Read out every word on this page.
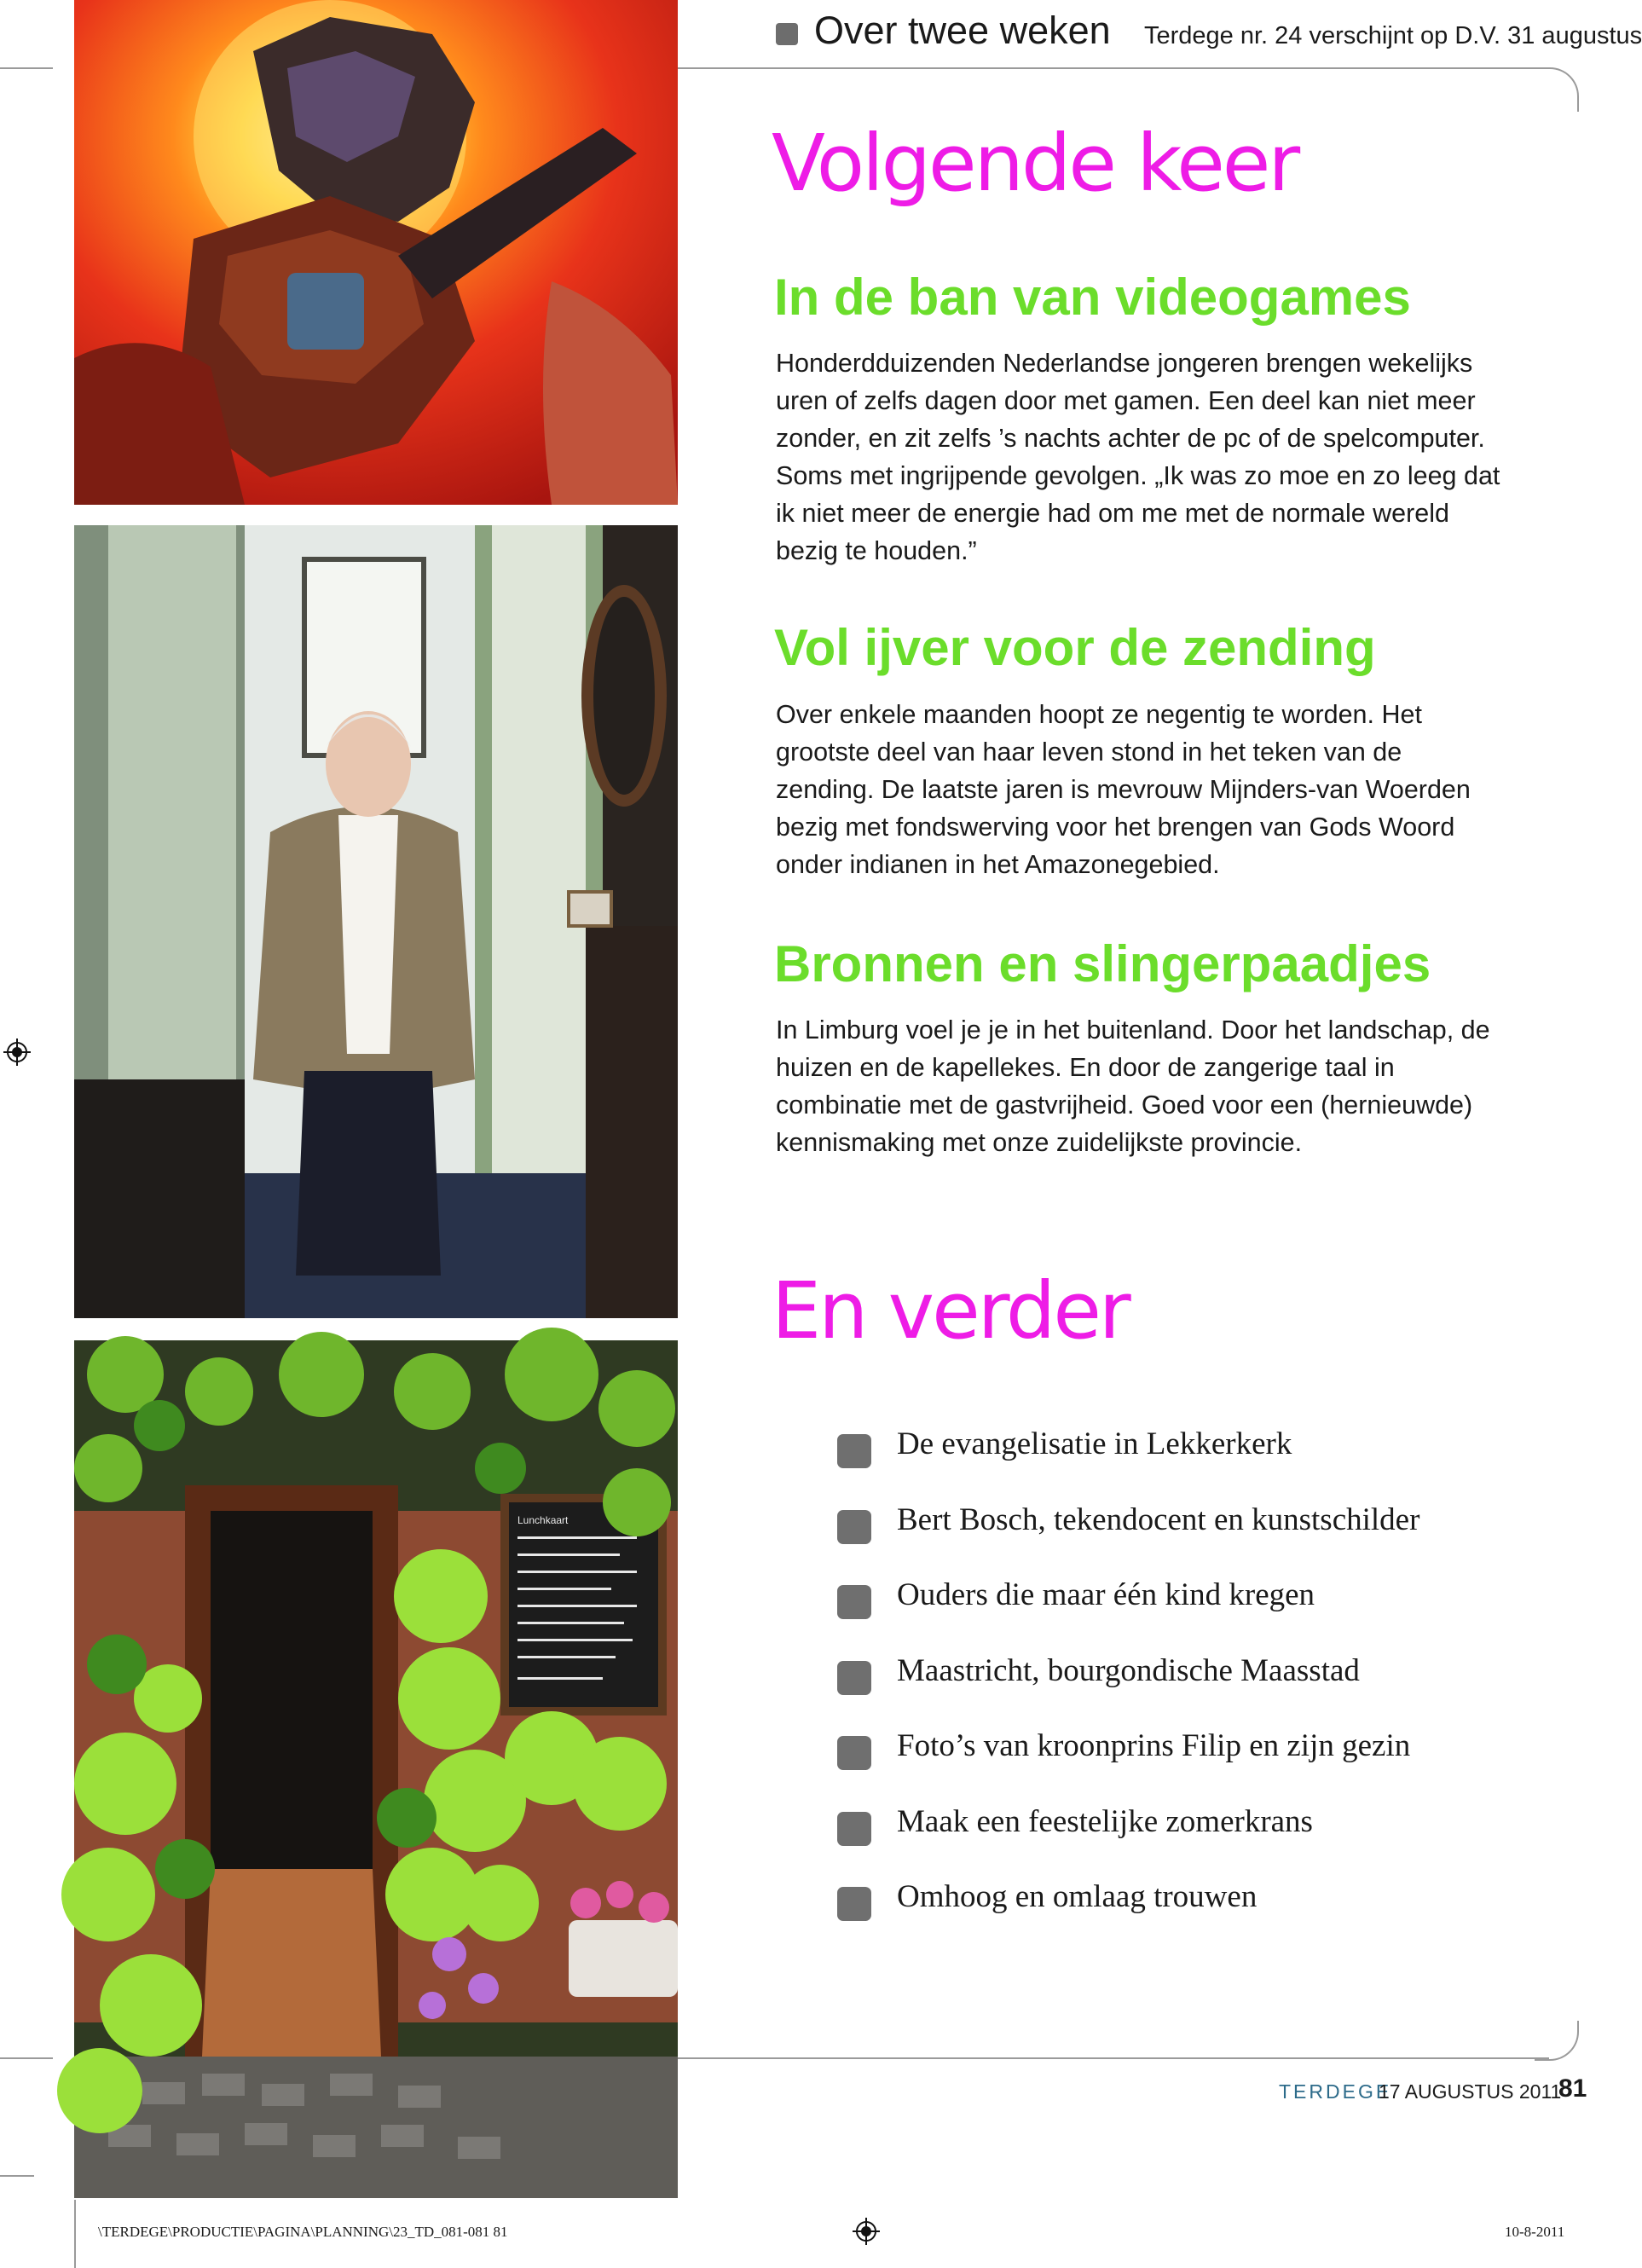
Over twee weken Terdege nr. 24 verschijnt op D.V. 31 augustus
Lunchkaart
Volgende keer
In de ban van videogames
Honderdduizenden Nederlandse jongeren brengen wekelijks uren of zelfs dagen door met gamen. Een deel kan niet meer zonder, en zit zelfs ’s nachts achter de pc of de spelcomputer. Soms met ingrijpende gevolgen. „Ik was zo moe en zo leeg dat ik niet meer de energie had om me met de normale wereld bezig te houden.”
Vol ijver voor de zending
Over enkele maanden hoopt ze negentig te worden. Het grootste deel van haar leven stond in het teken van de zending. De laatste jaren is mevrouw Mijnders-van Woerden bezig met fondswerving voor het brengen van Gods Woord onder indianen in het Amazonegebied.
Bronnen en slingerpaadjes
In Limburg voel je je in het buitenland. Door het landschap, de huizen en de kapellekes. En door de zangerige taal in combinatie met de gastvrijheid. Goed voor een (hernieuwde) kennismaking met onze zuidelijkste provincie.
En verder
De evangelisatie in Lekkerkerk
Bert Bosch, tekendocent en kunstschilder
Ouders die maar één kind kregen
Maastricht, bourgondische Maasstad
Foto’s van kroonprins Filip en zijn gezin
Maak een feestelijke zomerkrans
Omhoog en omlaag trouwen
TERDEGE
17 AUGUSTUS 2011
81
\TERDEGE\PRODUCTIE\PAGINA\PLANNING\23_TD_081-081 81	10-8-2011
